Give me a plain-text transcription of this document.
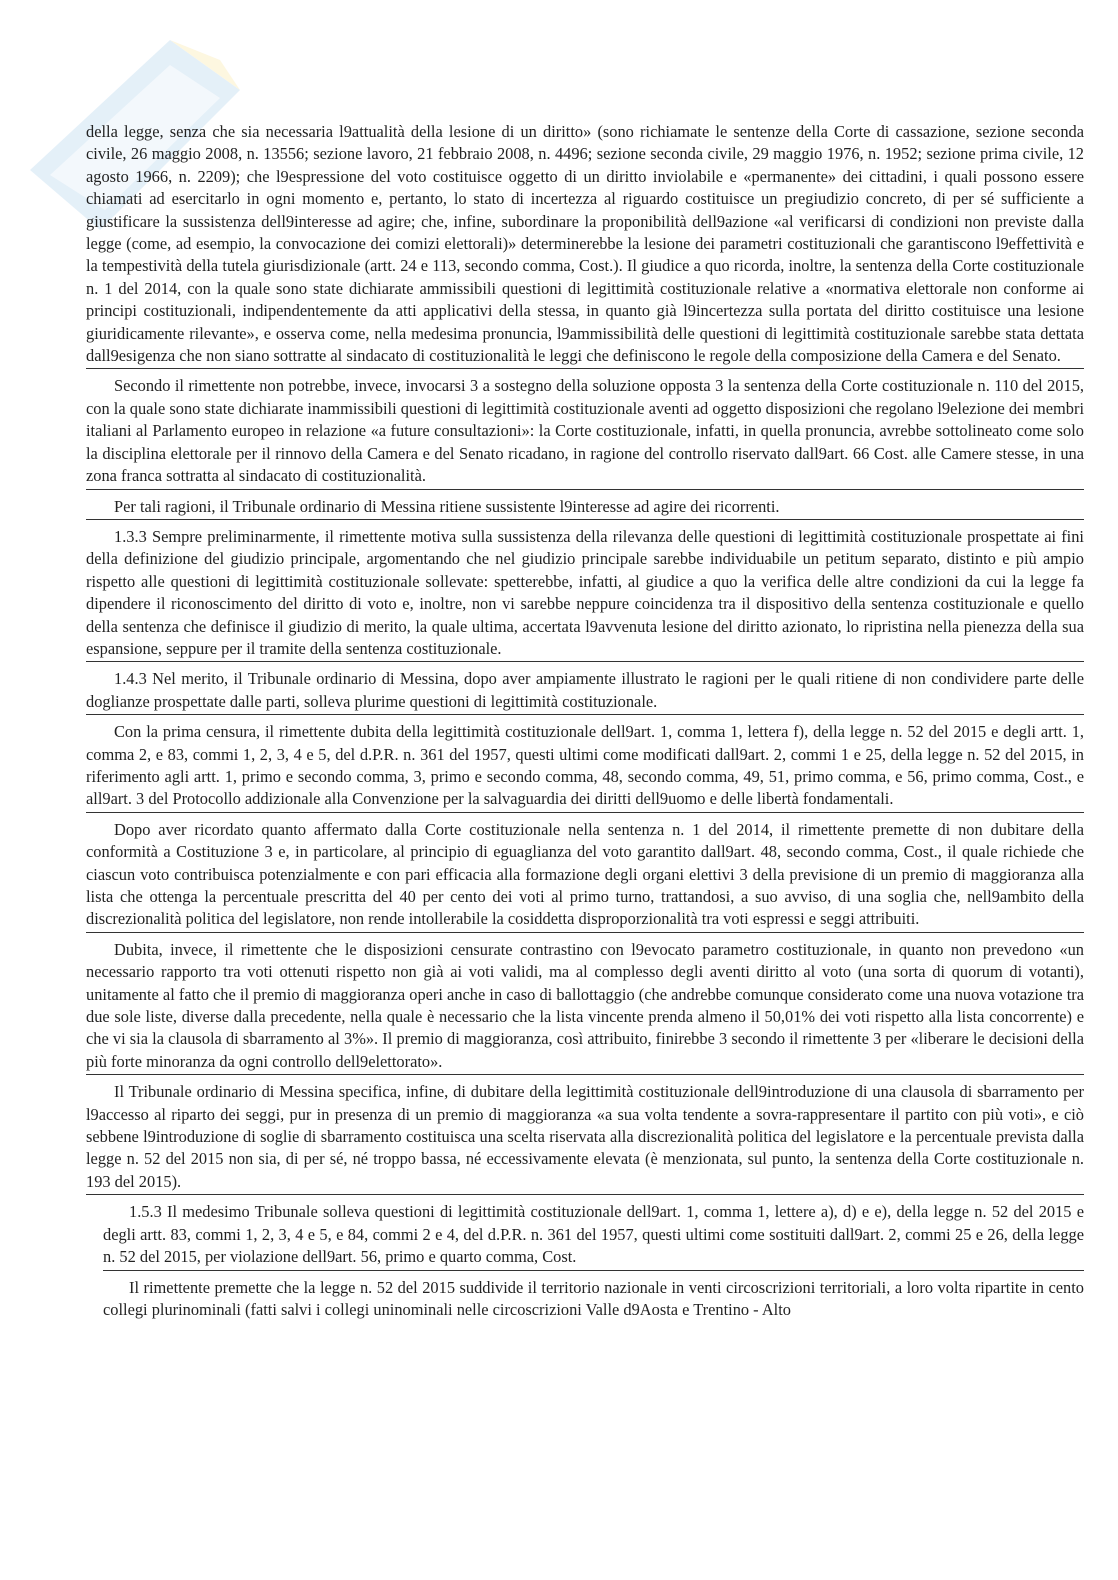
della legge, senza che sia necessaria l9attualità della lesione di un diritto» (sono richiamate le sentenze della Corte di cassazione, sezione seconda civile, 26 maggio 2008, n. 13556; sezione lavoro, 21 febbraio 2008, n. 4496; sezione seconda civile, 29 maggio 1976, n. 1952; sezione prima civile, 12 agosto 1966, n. 2209); che l9espressione del voto costituisce oggetto di un diritto inviolabile e «permanente» dei cittadini, i quali possono essere chiamati ad esercitarlo in ogni momento e, pertanto, lo stato di incertezza al riguardo costituisce un pregiudizio concreto, di per sé sufficiente a giustificare la sussistenza dell9interesse ad agire; che, infine, subordinare la proponibilità dell9azione «al verificarsi di condizioni non previste dalla legge (come, ad esempio, la convocazione dei comizi elettorali)» determinerebbe la lesione dei parametri costituzionali che garantiscono l9effettività e la tempestività della tutela giurisdizionale (artt. 24 e 113, secondo comma, Cost.). Il giudice a quo ricorda, inoltre, la sentenza della Corte costituzionale n. 1 del 2014, con la quale sono state dichiarate ammissibili questioni di legittimità costituzionale relative a «normativa elettorale non conforme ai principi costituzionali, indipendentemente da atti applicativi della stessa, in quanto già l9incertezza sulla portata del diritto costituisce una lesione giuridicamente rilevante», e osserva come, nella medesima pronuncia, l9ammissibilità delle questioni di legittimità costituzionale sarebbe stata dettata dall9esigenza che non siano sottratte al sindacato di costituzionalità le leggi che definiscono le regole della composizione della Camera e del Senato.

Secondo il rimettente non potrebbe, invece, invocarsi 3 a sostegno della soluzione opposta 3 la sentenza della Corte costituzionale n. 110 del 2015, con la quale sono state dichiarate inammissibili questioni di legittimità costituzionale aventi ad oggetto disposizioni che regolano l9elezione dei membri italiani al Parlamento europeo in relazione «a future consultazioni»: la Corte costituzionale, infatti, in quella pronuncia, avrebbe sottolineato come solo la disciplina elettorale per il rinnovo della Camera e del Senato ricadano, in ragione del controllo riservato dall9art. 66 Cost. alle Camere stesse, in una zona franca sottratta al sindacato di costituzionalità.

Per tali ragioni, il Tribunale ordinario di Messina ritiene sussistente l9interesse ad agire dei ricorrenti.

1.3.3 Sempre preliminarmente, il rimettente motiva sulla sussistenza della rilevanza delle questioni di legittimità costituzionale prospettate ai fini della definizione del giudizio principale, argomentando che nel giudizio principale sarebbe individuabile un petitum separato, distinto e più ampio rispetto alle questioni di legittimità costituzionale sollevate: spetterebbe, infatti, al giudice a quo la verifica delle altre condizioni da cui la legge fa dipendere il riconoscimento del diritto di voto e, inoltre, non vi sarebbe neppure coincidenza tra il dispositivo della sentenza costituzionale e quello della sentenza che definisce il giudizio di merito, la quale ultima, accertata l9avvenuta lesione del diritto azionato, lo ripristina nella pienezza della sua espansione, seppure per il tramite della sentenza costituzionale.

1.4.3 Nel merito, il Tribunale ordinario di Messina, dopo aver ampiamente illustrato le ragioni per le quali ritiene di non condividere parte delle doglianze prospettate dalle parti, solleva plurime questioni di legittimità costituzionale.

Con la prima censura, il rimettente dubita della legittimità costituzionale dell9art. 1, comma 1, lettera f), della legge n. 52 del 2015 e degli artt. 1, comma 2, e 83, commi 1, 2, 3, 4 e 5, del d.P.R. n. 361 del 1957, questi ultimi come modificati dall9art. 2, commi 1 e 25, della legge n. 52 del 2015, in riferimento agli artt. 1, primo e secondo comma, 3, primo e secondo comma, 48, secondo comma, 49, 51, primo comma, e 56, primo comma, Cost., e all9art. 3 del Protocollo addizionale alla Convenzione per la salvaguardia dei diritti dell9uomo e delle libertà fondamentali.

Dopo aver ricordato quanto affermato dalla Corte costituzionale nella sentenza n. 1 del 2014, il rimettente premette di non dubitare della conformità a Costituzione 3 e, in particolare, al principio di eguaglianza del voto garantito dall9art. 48, secondo comma, Cost., il quale richiede che ciascun voto contribuisca potenzialmente e con pari efficacia alla formazione degli organi elettivi 3 della previsione di un premio di maggioranza alla lista che ottenga la percentuale prescritta del 40 per cento dei voti al primo turno, trattandosi, a suo avviso, di una soglia che, nell9ambito della discrezionalità politica del legislatore, non rende intollerabile la cosiddetta disproporzionalità tra voti espressi e seggi attribuiti.

Dubita, invece, il rimettente che le disposizioni censurate contrastino con l9evocato parametro costituzionale, in quanto non prevedono «un necessario rapporto tra voti ottenuti rispetto non già ai voti validi, ma al complesso degli aventi diritto al voto (una sorta di quorum di votanti), unitamente al fatto che il premio di maggioranza operi anche in caso di ballottaggio (che andrebbe comunque considerato come una nuova votazione tra due sole liste, diverse dalla precedente, nella quale è necessario che la lista vincente prenda almeno il 50,01% dei voti rispetto alla lista concorrente) e che vi sia la clausola di sbarramento al 3%». Il premio di maggioranza, così attribuito, finirebbe 3 secondo il rimettente 3 per «liberare le decisioni della più forte minoranza da ogni controllo dell9elettorato».

Il Tribunale ordinario di Messina specifica, infine, di dubitare della legittimità costituzionale dell9introduzione di una clausola di sbarramento per l9accesso al riparto dei seggi, pur in presenza di un premio di maggioranza «a sua volta tendente a sovra-rappresentare il partito con più voti», e ciò sebbene l9introduzione di soglie di sbarramento costituisca una scelta riservata alla discrezionalità politica del legislatore e la percentuale prevista dalla legge n. 52 del 2015 non sia, di per sé, né troppo bassa, né eccessivamente elevata (è menzionata, sul punto, la sentenza della Corte costituzionale n. 193 del 2015).

1.5.3 Il medesimo Tribunale solleva questioni di legittimità costituzionale dell9art. 1, comma 1, lettere a), d) e e), della legge n. 52 del 2015 e degli artt. 83, commi 1, 2, 3, 4 e 5, e 84, commi 2 e 4, del d.P.R. n. 361 del 1957, questi ultimi come sostituiti dall9art. 2, commi 25 e 26, della legge n. 52 del 2015, per violazione dell9art. 56, primo e quarto comma, Cost.

Il rimettente premette che la legge n. 52 del 2015 suddivide il territorio nazionale in venti circoscrizioni territoriali, a loro volta ripartite in cento collegi plurinominali (fatti salvi i collegi uninominali nelle circoscrizioni Valle d9Aosta e Trentino - Alto
